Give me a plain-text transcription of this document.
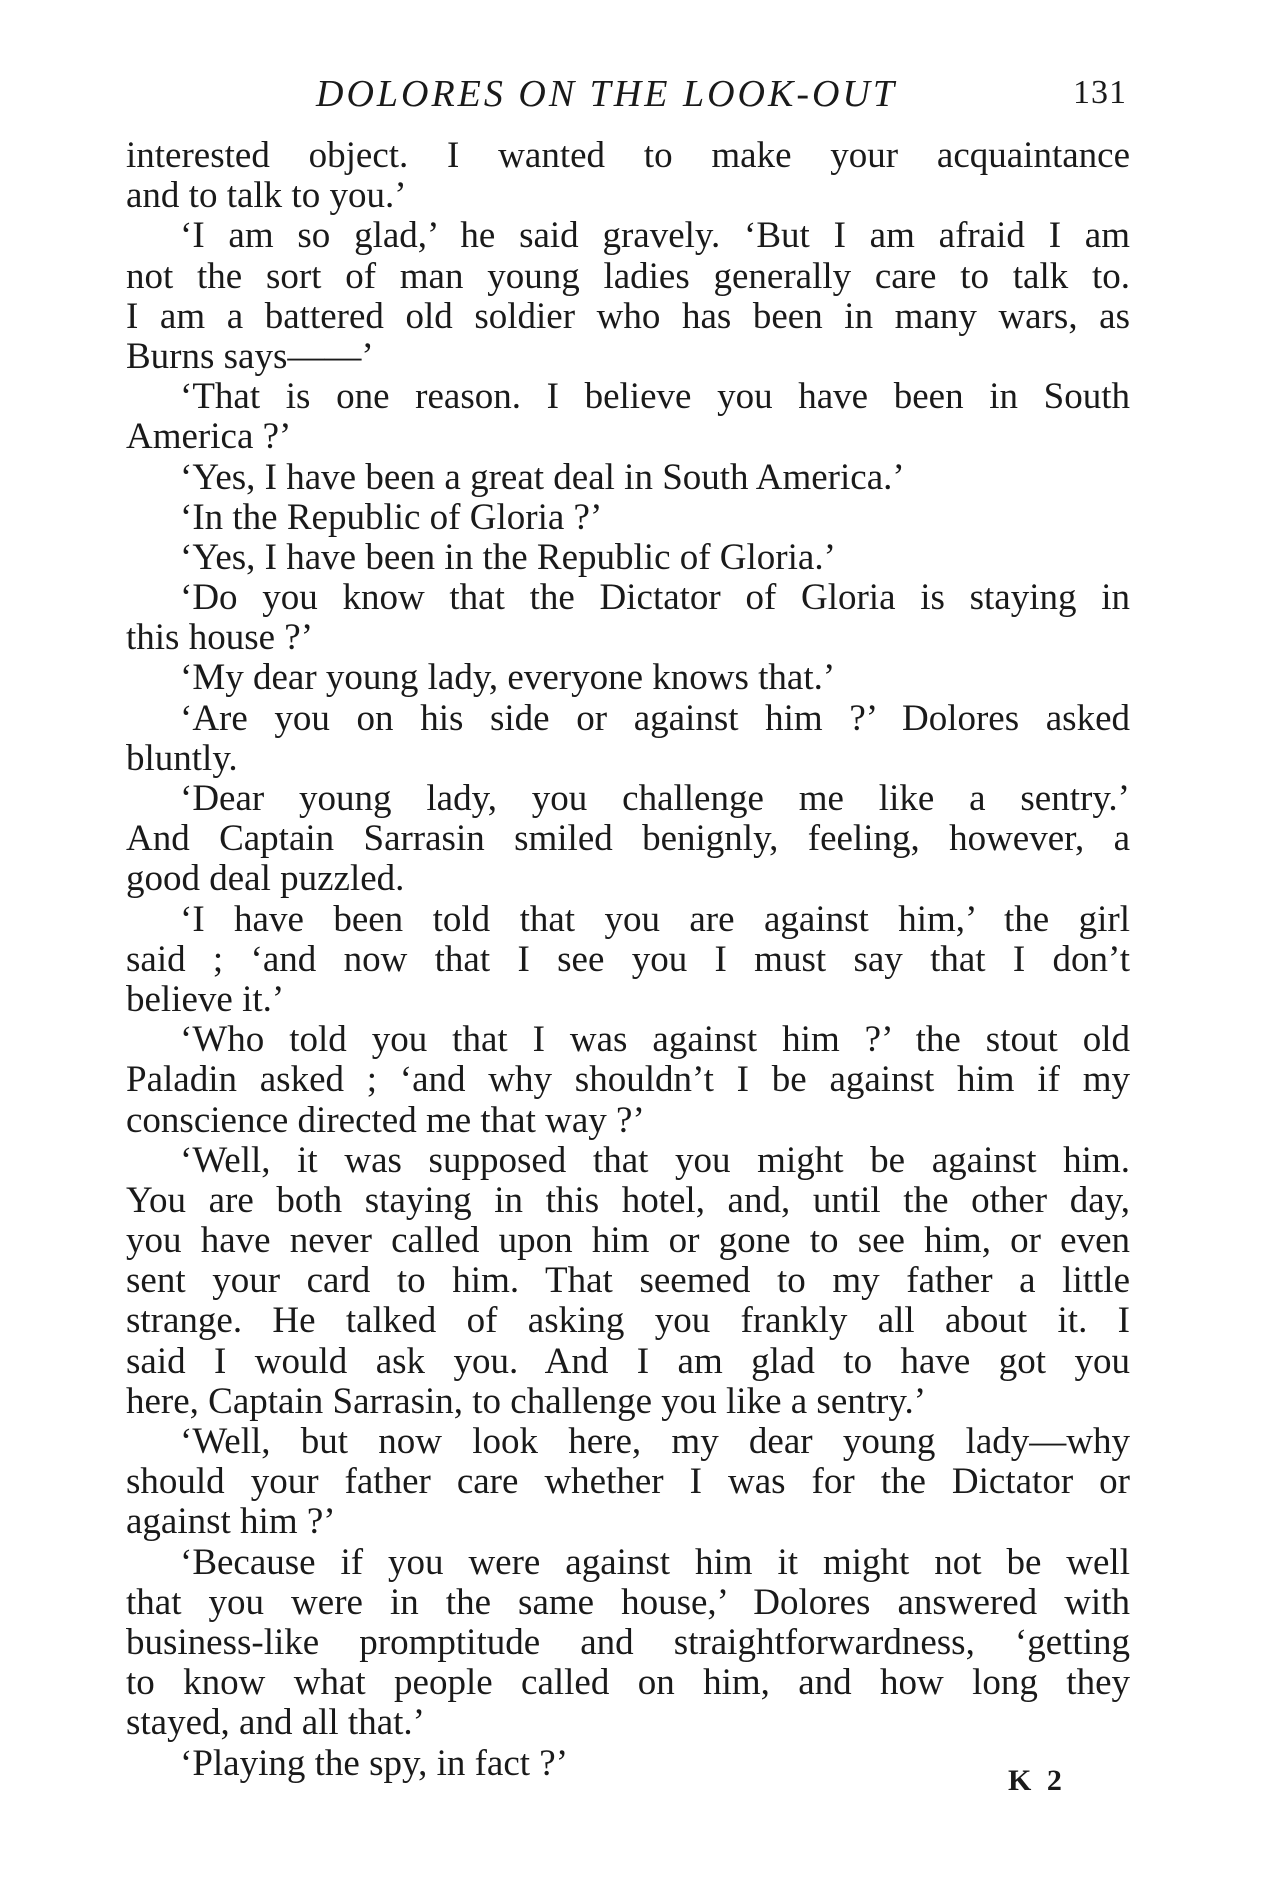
DOLORES ON THE LOOK-OUT	131
interested object. I wanted to make your acquaintance
and to talk to you.’
‘I am so glad,’ he said gravely. ‘But I am afraid I am
not the sort of man young ladies generally care to talk to.
I am a battered old soldier who has been in many wars, as
Burns says——’
‘That is one reason. I believe you have been in South
America ?’
‘Yes, I have been a great deal in South America.’
‘In the Republic of Gloria ?’
‘Yes, I have been in the Republic of Gloria.’
‘Do you know that the Dictator of Gloria is staying in
this house ?’
‘My dear young lady, everyone knows that.’
‘Are you on his side or against him ?’ Dolores asked
bluntly.
‘Dear young lady, you challenge me like a sentry.’
And Captain Sarrasin smiled benignly, feeling, however, a
good deal puzzled.
‘I have been told that you are against him,’ the girl
said ; ‘and now that I see you I must say that I don’t
believe it.’
‘Who told you that I was against him ?’ the stout old
Paladin asked ; ‘and why shouldn’t I be against him if my
conscience directed me that way ?’
‘Well, it was supposed that you might be against him.
You are both staying in this hotel, and, until the other day,
you have never called upon him or gone to see him, or even
sent your card to him. That seemed to my father a little
strange. He talked of asking you frankly all about it. I
said I would ask you. And I am glad to have got you
here, Captain Sarrasin, to challenge you like a sentry.’
‘Well, but now look here, my dear young lady—why
should your father care whether I was for the Dictator or
against him ?’
‘Because if you were against him it might not be well
that you were in the same house,’ Dolores answered with
business-like promptitude and straightforwardness, ‘getting
to know what people called on him, and how long they
stayed, and all that.’
‘Playing the spy, in fact ?’	K 2
